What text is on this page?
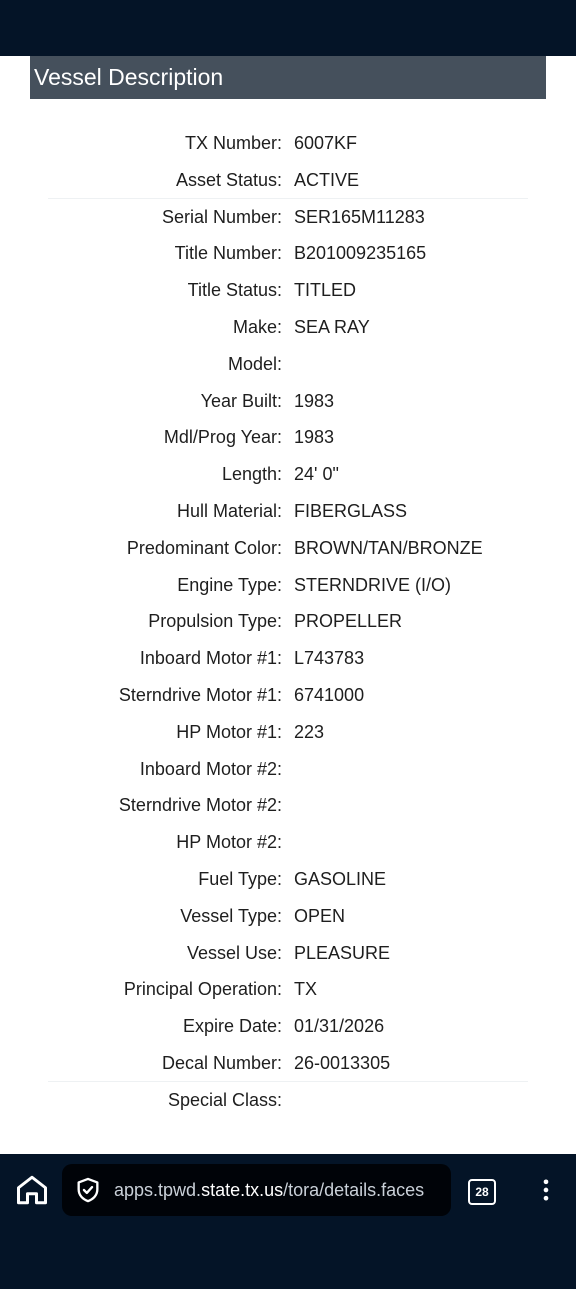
Vessel Description
TX Number: 6007KF
Asset Status: ACTIVE
Serial Number: SER165M11283
Title Number: B201009235165
Title Status: TITLED
Make: SEA RAY
Model:
Year Built: 1983
Mdl/Prog Year: 1983
Length: 24' 0"
Hull Material: FIBERGLASS
Predominant Color: BROWN/TAN/BRONZE
Engine Type: STERNDRIVE (I/O)
Propulsion Type: PROPELLER
Inboard Motor #1: L743783
Sterndrive Motor #1: 6741000
HP Motor #1: 223
Inboard Motor #2:
Sterndrive Motor #2:
HP Motor #2:
Fuel Type: GASOLINE
Vessel Type: OPEN
Vessel Use: PLEASURE
Principal Operation: TX
Expire Date: 01/31/2026
Decal Number: 26-0013305
Special Class:
apps.tpwd.state.tx.us/tora/details.faces	28
